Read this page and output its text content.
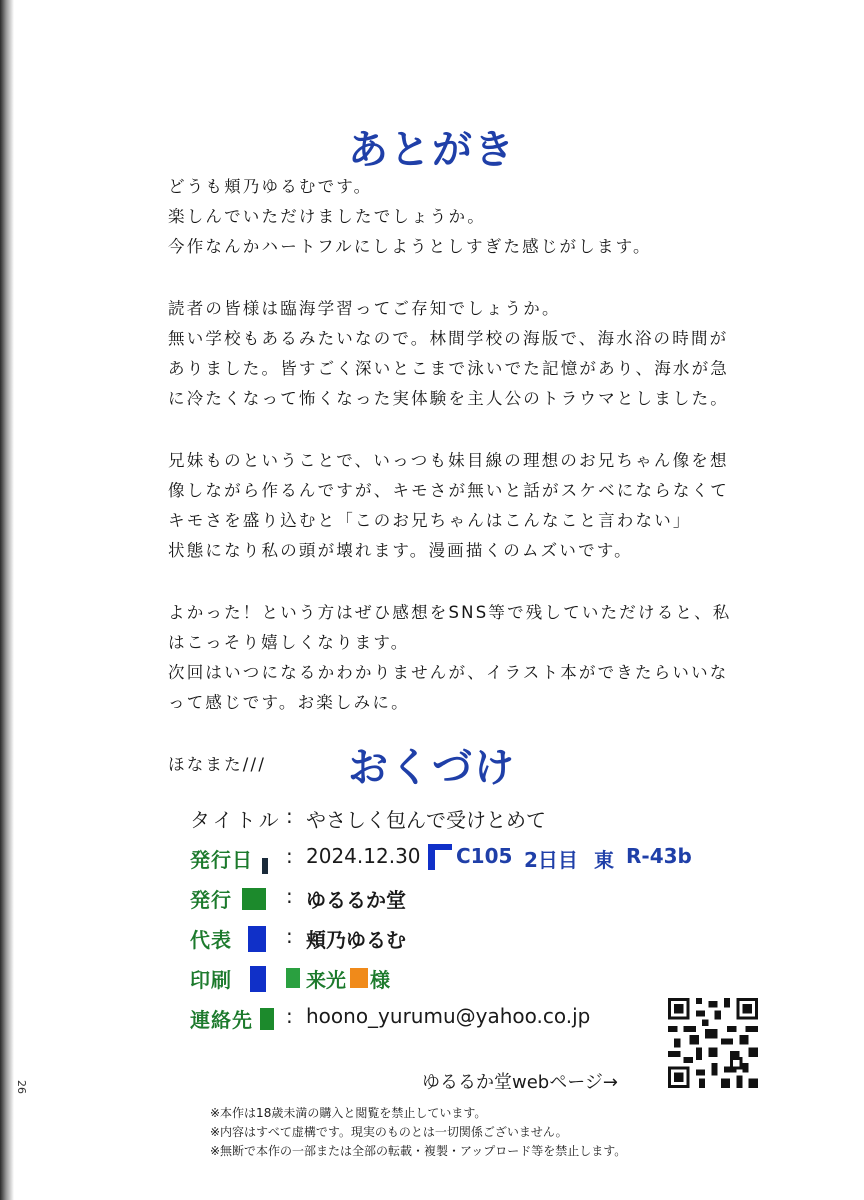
あとがき
どうも頬乃ゆるむです。
楽しんでいただけましたでしょうか。
今作なんかハートフルにしようとしすぎた感じがします。
読者の皆様は臨海学習ってご存知でしょうか。
無い学校もあるみたいなので。林間学校の海版で、海水浴の時間が
ありました。皆すごく深いとこまで泳いでた記憶があり、海水が急
に冷たくなって怖くなった実体験を主人公のトラウマとしました。
兄妹ものということで、いっつも妹目線の理想のお兄ちゃん像を想
像しながら作るんですが、キモさが無いと話がスケベにならなくて
キモさを盛り込むと「このお兄ちゃんはこんなこと言わない」
状態になり私の頭が壊れます。漫画描くのムズいです。
よかった！という方はぜひ感想をSNS等で残していただけると、私
はこっそり嬉しくなります。
次回はいつになるかわかりませんが、イラスト本ができたらいいな
って感じです。お楽しみに。
ほなまた///	おくづけ
タイトル : やさしく包んで受けとめて
発行日 : 2024.12.30 C105 2日目 東 R-43b
発行	: ゆるるか堂
代表	: 頬乃ゆるむ
印刷	来光 様
連絡先 : hoono_yurumu@yahoo.co.jp
ゆるるか堂webページ→
※本作は18歳未満の購入と閲覧を禁止しています。
※内容はすべて虚構です。現実のものとは一切関係ございません。
※無断で本作の一部または全部の転載・複製・アップロード等を禁止します。
26
